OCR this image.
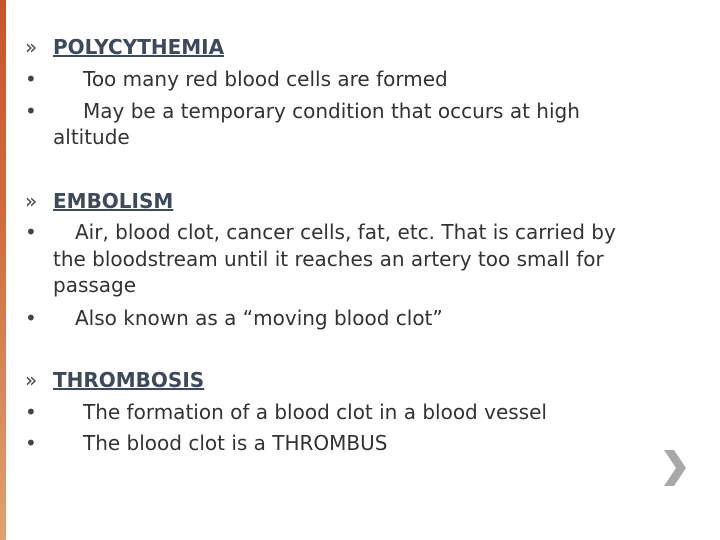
» POLYCYTHEMIA
• Too many red blood cells are formed
• May be a temporary condition that occurs at high
altitude
» EMBOLISM
• Air, blood clot, cancer cells, fat, etc. That is carried by
the bloodstream until it reaches an artery too small for
passage
• Also known as a “moving blood clot”
» THROMBOSIS
• The formation of a blood clot in a blood vessel
• The blood clot is a THROMBUS
